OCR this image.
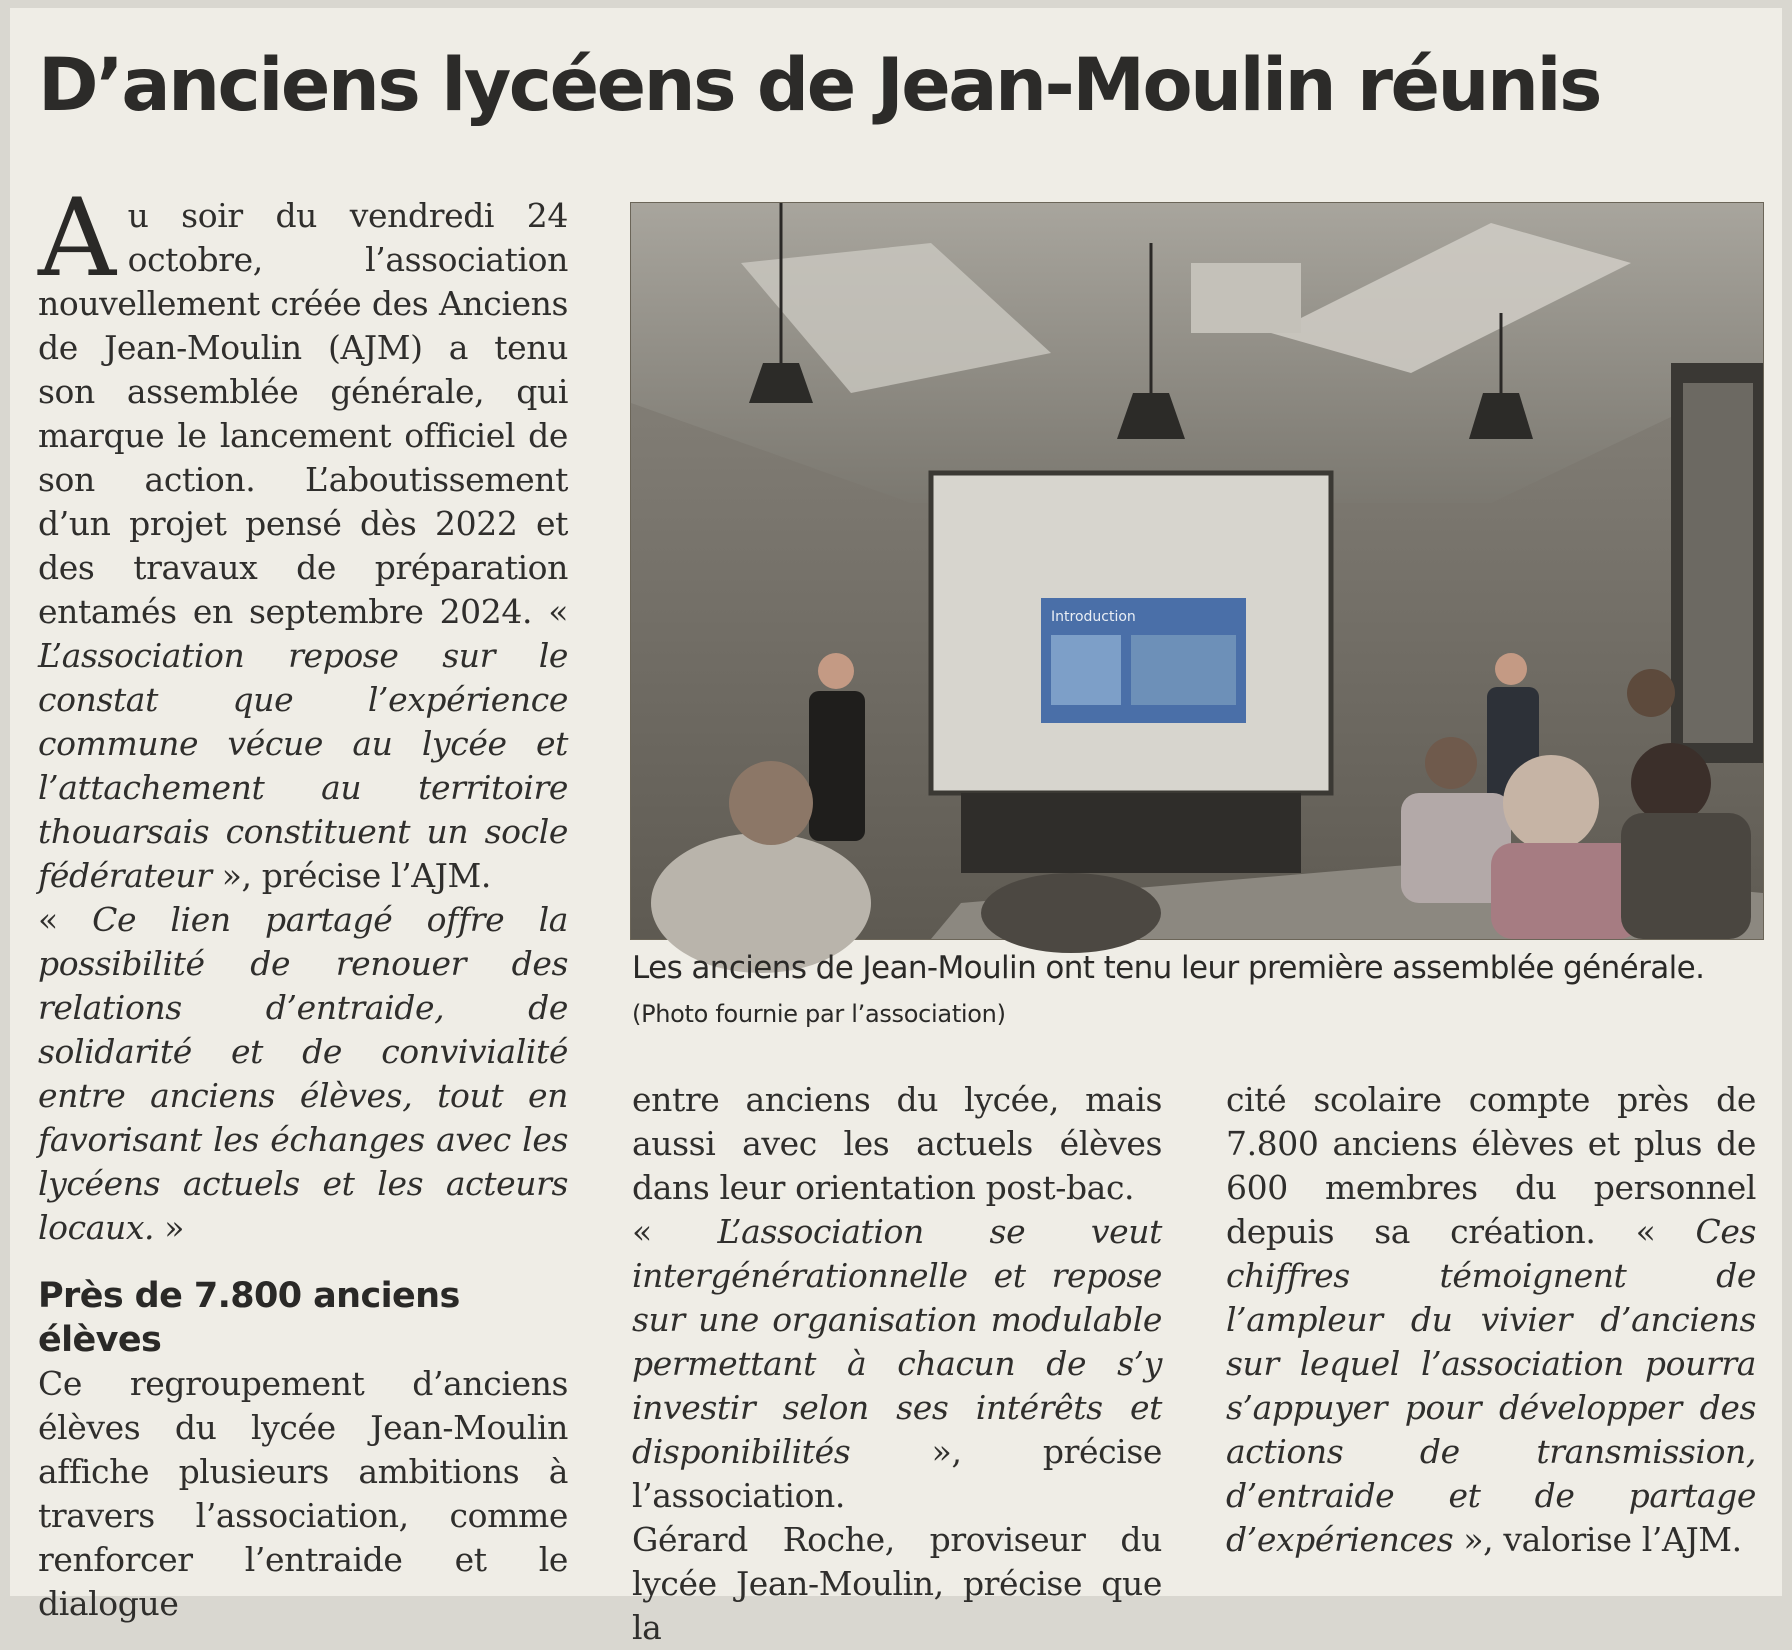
D’anciens lycéens de Jean-Moulin réunis

Au soir du vendredi 24 octobre, l’association nouvellement créée des Anciens de Jean-Moulin (AJM) a tenu son assemblée générale, qui marque le lancement officiel de son action. L’aboutissement d’un projet pensé dès 2022 et des travaux de préparation entamés en septembre 2024. « L’association repose sur le constat que l’expérience commune vécue au lycée et l’attachement au territoire thouarsais constituent un socle fédérateur », précise l’AJM.

« Ce lien partagé offre la possibilité de renouer des relations d’entraide, de solidarité et de convivialité entre anciens élèves, tout en favorisant les échanges avec les lycéens actuels et les acteurs locaux. »

Près de 7.800 anciens élèves

Ce regroupement d’anciens élèves du lycée Jean-Moulin affiche plusieurs ambitions à travers l’association, comme renforcer l’entraide et le dialogue

Introduction
Les anciens de Jean-Moulin ont tenu leur première assemblée générale. (Photo fournie par l’association)

entre anciens du lycée, mais aussi avec les actuels élèves dans leur orientation post-bac.

« L’association se veut intergénérationnelle et repose sur une organisation modulable permettant à chacun de s’y investir selon ses intérêts et disponibilités », précise l’association.

Gérard Roche, proviseur du lycée Jean-Moulin, précise que la

cité scolaire compte près de 7.800 anciens élèves et plus de 600 membres du personnel depuis sa création. « Ces chiffres témoignent de l’ampleur du vivier d’anciens sur lequel l’association pourra s’appuyer pour développer des actions de transmission, d’entraide et de partage d’expériences », valorise l’AJM.
